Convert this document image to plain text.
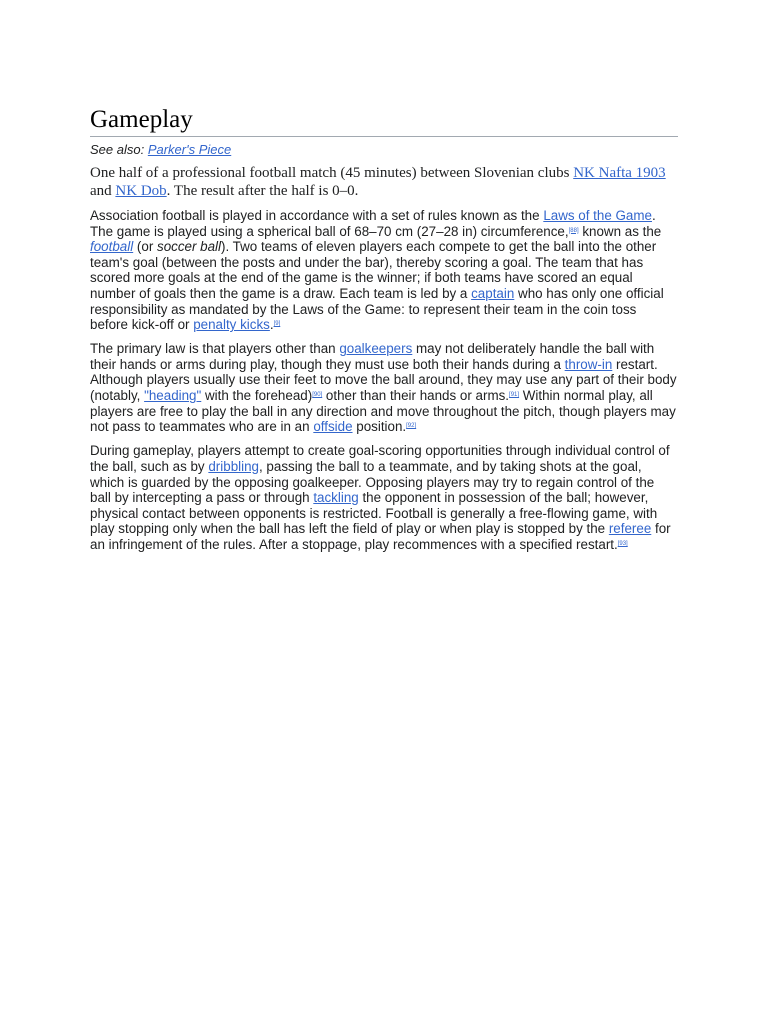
Gameplay
See also: Parker's Piece
One half of a professional football match (45 minutes) between Slovenian clubs NK Nafta 1903 and NK Dob. The result after the half is 0–0.

Association football is played in accordance with a set of rules known as the Laws of the Game. The game is played using a spherical ball of 68–70 cm (27–28 in) circumference,[88] known as the football (or soccer ball). Two teams of eleven players each compete to get the ball into the other team's goal (between the posts and under the bar), thereby scoring a goal. The team that has scored more goals at the end of the game is the winner; if both teams have scored an equal number of goals then the game is a draw. Each team is led by a captain who has only one official responsibility as mandated by the Laws of the Game: to represent their team in the coin toss before kick-off or penalty kicks.[9]

The primary law is that players other than goalkeepers may not deliberately handle the ball with their hands or arms during play, though they must use both their hands during a throw-in restart. Although players usually use their feet to move the ball around, they may use any part of their body (notably, "heading" with the forehead)[90] other than their hands or arms.[91] Within normal play, all players are free to play the ball in any direction and move throughout the pitch, though players may not pass to teammates who are in an offside position.[92]

During gameplay, players attempt to create goal-scoring opportunities through individual control of the ball, such as by dribbling, passing the ball to a teammate, and by taking shots at the goal, which is guarded by the opposing goalkeeper. Opposing players may try to regain control of the ball by intercepting a pass or through tackling the opponent in possession of the ball; however, physical contact between opponents is restricted. Football is generally a free-flowing game, with play stopping only when the ball has left the field of play or when play is stopped by the referee for an infringement of the rules. After a stoppage, play recommences with a specified restart.[93]
